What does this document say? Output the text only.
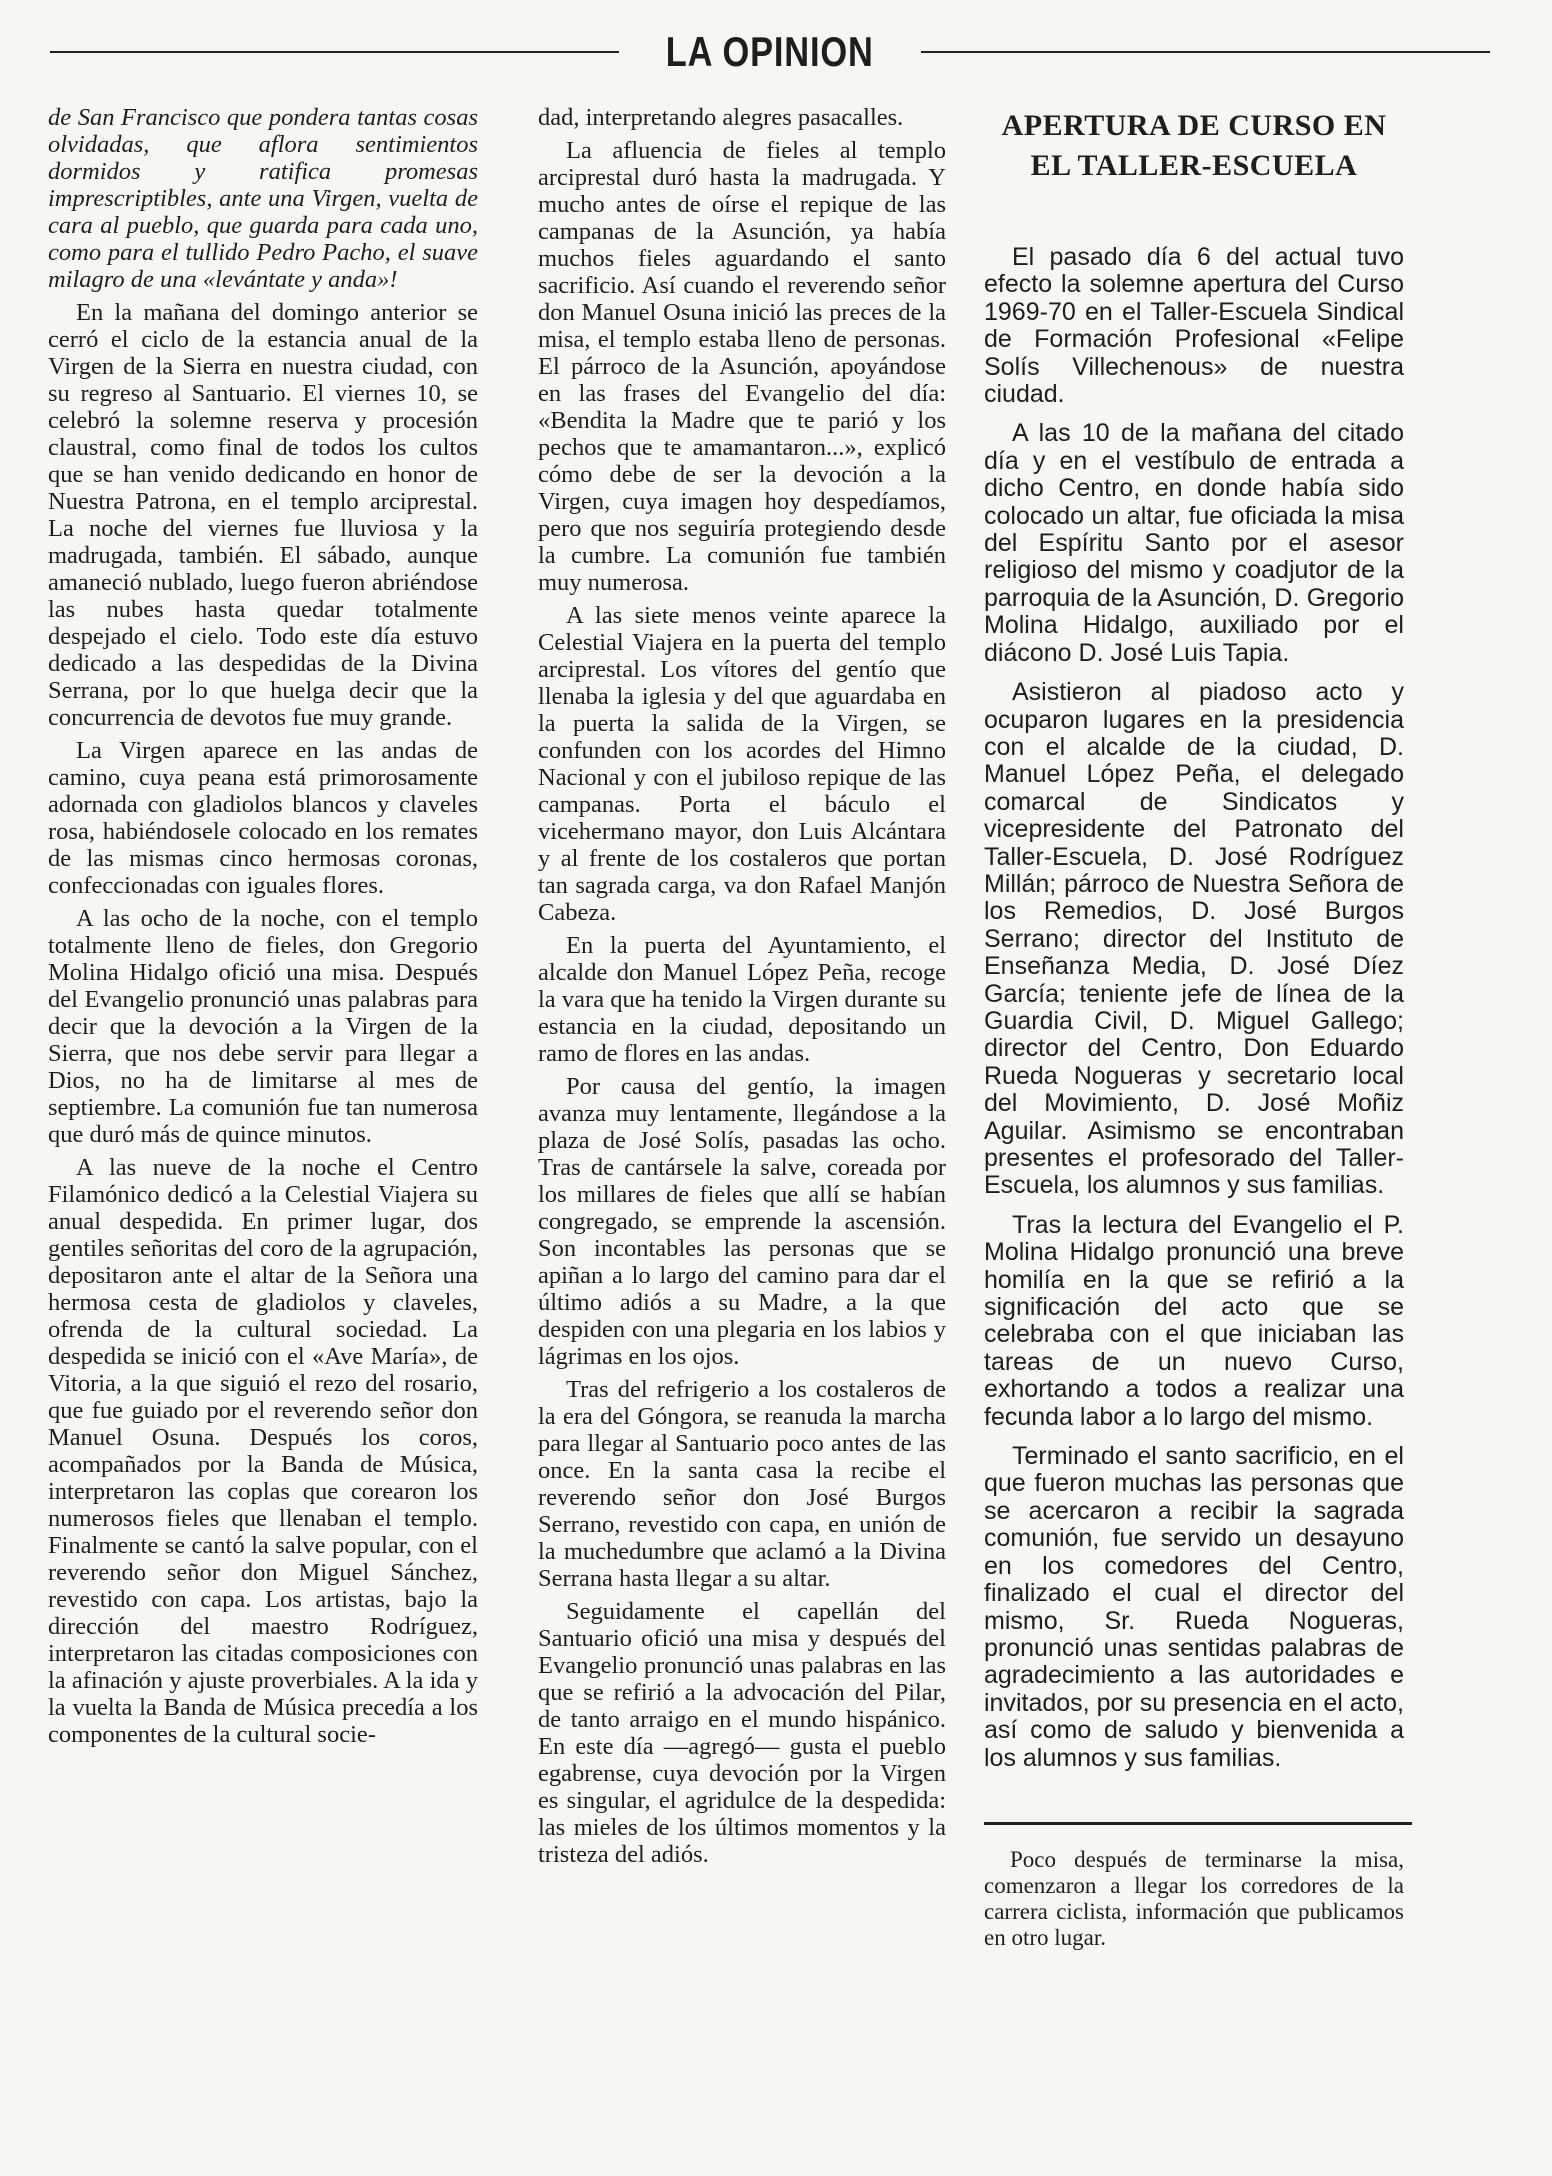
LA OPINION

de San Francisco que pondera tantas cosas olvidadas, que aflora sentimientos dormidos y ratifica promesas imprescriptibles, ante una Virgen, vuelta de cara al pueblo, que guarda para cada uno, como para el tullido Pedro Pacho, el suave milagro de una «levántate y anda»!

En la mañana del domingo anterior se cerró el ciclo de la estancia anual de la Virgen de la Sierra en nuestra ciudad, con su regreso al Santuario. El viernes 10, se celebró la solemne reserva y procesión claustral, como final de todos los cultos que se han venido dedicando en honor de Nuestra Patrona, en el templo arciprestal. La noche del viernes fue lluviosa y la madrugada, también. El sábado, aunque amaneció nublado, luego fueron abriéndose las nubes hasta quedar totalmente despejado el cielo. Todo este día estuvo dedicado a las despedidas de la Divina Serrana, por lo que huelga decir que la concurrencia de devotos fue muy grande.

La Virgen aparece en las andas de camino, cuya peana está primorosamente adornada con gladiolos blancos y claveles rosa, habiéndosele colocado en los remates de las mismas cinco hermosas coronas, confeccionadas con iguales flores.

A las ocho de la noche, con el templo totalmente lleno de fieles, don Gregorio Molina Hidalgo ofició una misa. Después del Evangelio pronunció unas palabras para decir que la devoción a la Virgen de la Sierra, que nos debe servir para llegar a Dios, no ha de limitarse al mes de septiembre. La comunión fue tan numerosa que duró más de quince minutos.

A las nueve de la noche el Centro Filamónico dedicó a la Celestial Viajera su anual despedida. En primer lugar, dos gentiles señoritas del coro de la agrupación, depositaron ante el altar de la Señora una hermosa cesta de gladiolos y claveles, ofrenda de la cultural sociedad. La despedida se inició con el «Ave María», de Vitoria, a la que siguió el rezo del rosario, que fue guiado por el reverendo señor don Manuel Osuna. Después los coros, acompañados por la Banda de Música, interpretaron las coplas que corearon los numerosos fieles que llenaban el templo. Finalmente se cantó la salve popular, con el reverendo señor don Miguel Sánchez, revestido con capa. Los artistas, bajo la dirección del maestro Rodríguez, interpretaron las citadas composiciones con la afinación y ajuste proverbiales. A la ida y la vuelta la Banda de Música precedía a los componentes de la cultural socie-

dad, interpretando alegres pasacalles.

La afluencia de fieles al templo arciprestal duró hasta la madrugada. Y mucho antes de oírse el repique de las campanas de la Asunción, ya había muchos fieles aguardando el santo sacrificio. Así cuando el reverendo señor don Manuel Osuna inició las preces de la misa, el templo estaba lleno de personas. El párroco de la Asunción, apoyándose en las frases del Evangelio del día: «Bendita la Madre que te parió y los pechos que te amamantaron...», explicó cómo debe de ser la devoción a la Virgen, cuya imagen hoy despedíamos, pero que nos seguiría protegiendo desde la cumbre. La comunión fue también muy numerosa.

A las siete menos veinte aparece la Celestial Viajera en la puerta del templo arciprestal. Los vítores del gentío que llenaba la iglesia y del que aguardaba en la puerta la salida de la Virgen, se confunden con los acordes del Himno Nacional y con el jubiloso repique de las campanas. Porta el báculo el vicehermano mayor, don Luis Alcántara y al frente de los costaleros que portan tan sagrada carga, va don Rafael Manjón Cabeza.

En la puerta del Ayuntamiento, el alcalde don Manuel López Peña, recoge la vara que ha tenido la Virgen durante su estancia en la ciudad, depositando un ramo de flores en las andas.

Por causa del gentío, la imagen avanza muy lentamente, llegándose a la plaza de José Solís, pasadas las ocho. Tras de cantársele la salve, coreada por los millares de fieles que allí se habían congregado, se emprende la ascensión. Son incontables las personas que se apiñan a lo largo del camino para dar el último adiós a su Madre, a la que despiden con una plegaria en los labios y lágrimas en los ojos.

Tras del refrigerio a los costaleros de la era del Góngora, se reanuda la marcha para llegar al Santuario poco antes de las once. En la santa casa la recibe el reverendo señor don José Burgos Serrano, revestido con capa, en unión de la muchedumbre que aclamó a la Divina Serrana hasta llegar a su altar.

Seguidamente el capellán del Santuario ofició una misa y después del Evangelio pronunció unas palabras en las que se refirió a la advocación del Pilar, de tanto arraigo en el mundo hispánico. En este día —agregó— gusta el pueblo egabrense, cuya devoción por la Virgen es singular, el agridulce de la despedida: las mieles de los últimos momentos y la tristeza del adiós.

APERTURA DE CURSO EN
EL TALLER-ESCUELA

El pasado día 6 del actual tuvo efecto la solemne apertura del Curso 1969-70 en el Taller-Escuela Sindical de Formación Profesional «Felipe Solís Villechenous» de nuestra ciudad.

A las 10 de la mañana del citado día y en el vestíbulo de entrada a dicho Centro, en donde había sido colocado un altar, fue oficiada la misa del Espíritu Santo por el asesor religioso del mismo y coadjutor de la parroquia de la Asunción, D. Gregorio Molina Hidalgo, auxiliado por el diácono D. José Luis Tapia.

Asistieron al piadoso acto y ocuparon lugares en la presidencia con el alcalde de la ciudad, D. Manuel López Peña, el delegado comarcal de Sindicatos y vicepresidente del Patronato del Taller-Escuela, D. José Rodríguez Millán; párroco de Nuestra Señora de los Remedios, D. José Burgos Serrano; director del Instituto de Enseñanza Media, D. José Díez García; teniente jefe de línea de la Guardia Civil, D. Miguel Gallego; director del Centro, Don Eduardo Rueda Nogueras y secretario local del Movimiento, D. José Moñiz Aguilar. Asimismo se encontraban presentes el profesorado del Taller-Escuela, los alumnos y sus familias.

Tras la lectura del Evangelio el P. Molina Hidalgo pronunció una breve homilía en la que se refirió a la significación del acto que se celebraba con el que iniciaban las tareas de un nuevo Curso, exhortando a todos a realizar una fecunda labor a lo largo del mismo.

Terminado el santo sacrificio, en el que fueron muchas las personas que se acercaron a recibir la sagrada comunión, fue servido un desayuno en los comedores del Centro, finalizado el cual el director del mismo, Sr. Rueda Nogueras, pronunció unas sentidas palabras de agradecimiento a las autoridades e invitados, por su presencia en el acto, así como de saludo y bienvenida a los alumnos y sus familias.

Poco después de terminarse la misa, comenzaron a llegar los corredores de la carrera ciclista, información que publicamos en otro lugar.
